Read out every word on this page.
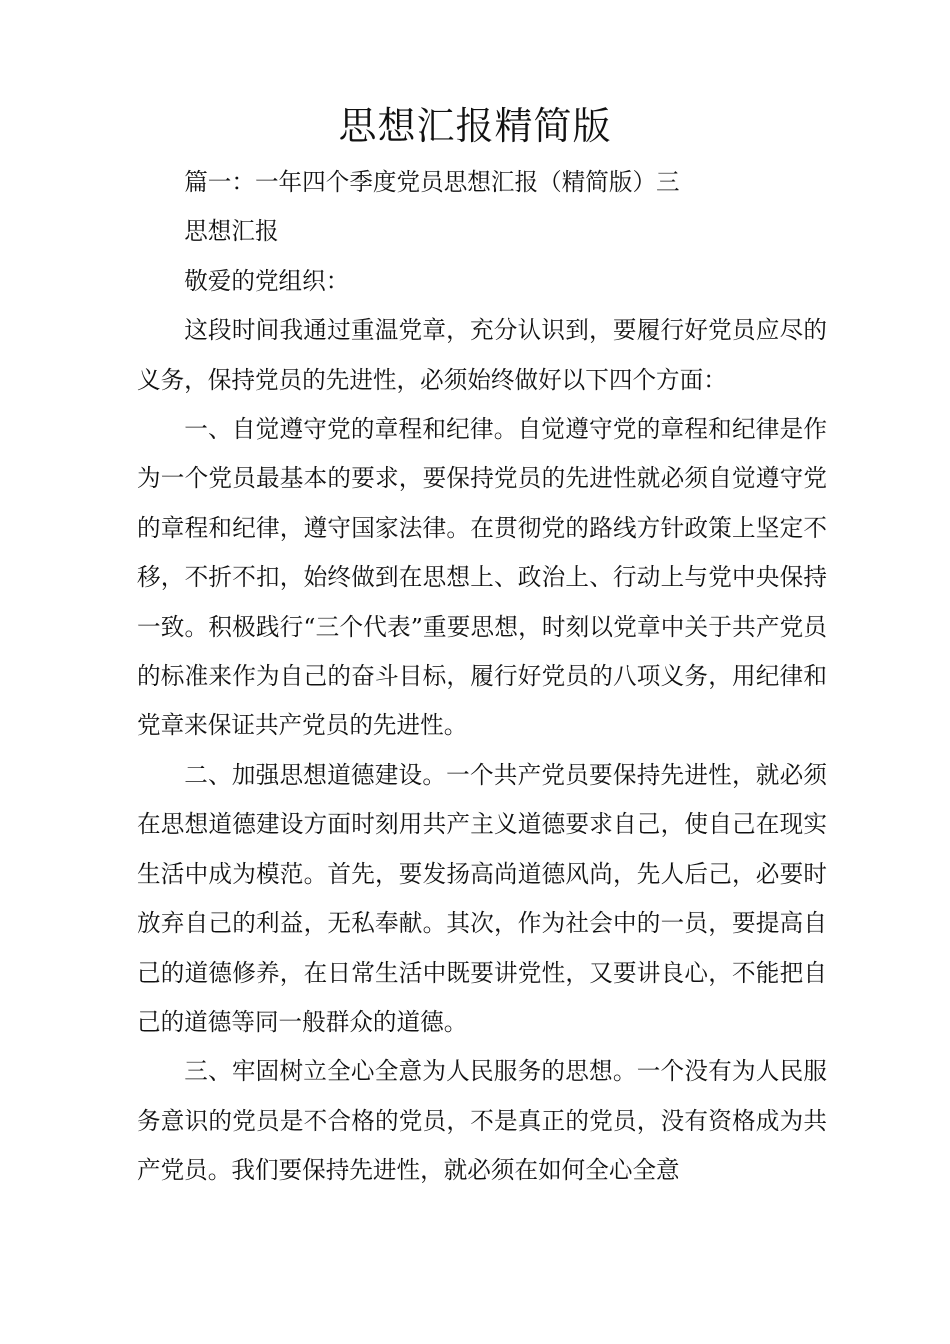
思想汇报精简版

篇一：一年四个季度党员思想汇报（精简版）三

思想汇报

敬爱的党组织：

这段时间我通过重温党章，充分认识到，要履行好党员应尽的义务，保持党员的先进性，必须始终做好以下四个方面：

一、自觉遵守党的章程和纪律。自觉遵守党的章程和纪律是作为一个党员最基本的要求，要保持党员的先进性就必须自觉遵守党的章程和纪律，遵守国家法律。在贯彻党的路线方针政策上坚定不移，不折不扣，始终做到在思想上、政治上、行动上与党中央保持一致。积极践行“三个代表”重要思想，时刻以党章中关于共产党员的标准来作为自己的奋斗目标，履行好党员的八项义务，用纪律和党章来保证共产党员的先进性。

二、加强思想道德建设。一个共产党员要保持先进性，就必须在思想道德建设方面时刻用共产主义道德要求自己，使自己在现实生活中成为模范。首先，要发扬高尚道德风尚，先人后己，必要时放弃自己的利益，无私奉献。其次，作为社会中的一员，要提高自己的道德修养，在日常生活中既要讲党性，又要讲良心，不能把自己的道德等同一般群众的道德。

三、牢固树立全心全意为人民服务的思想。一个没有为人民服务意识的党员是不合格的党员，不是真正的党员，没有资格成为共产党员。我们要保持先进性，就必须在如何全心全意
